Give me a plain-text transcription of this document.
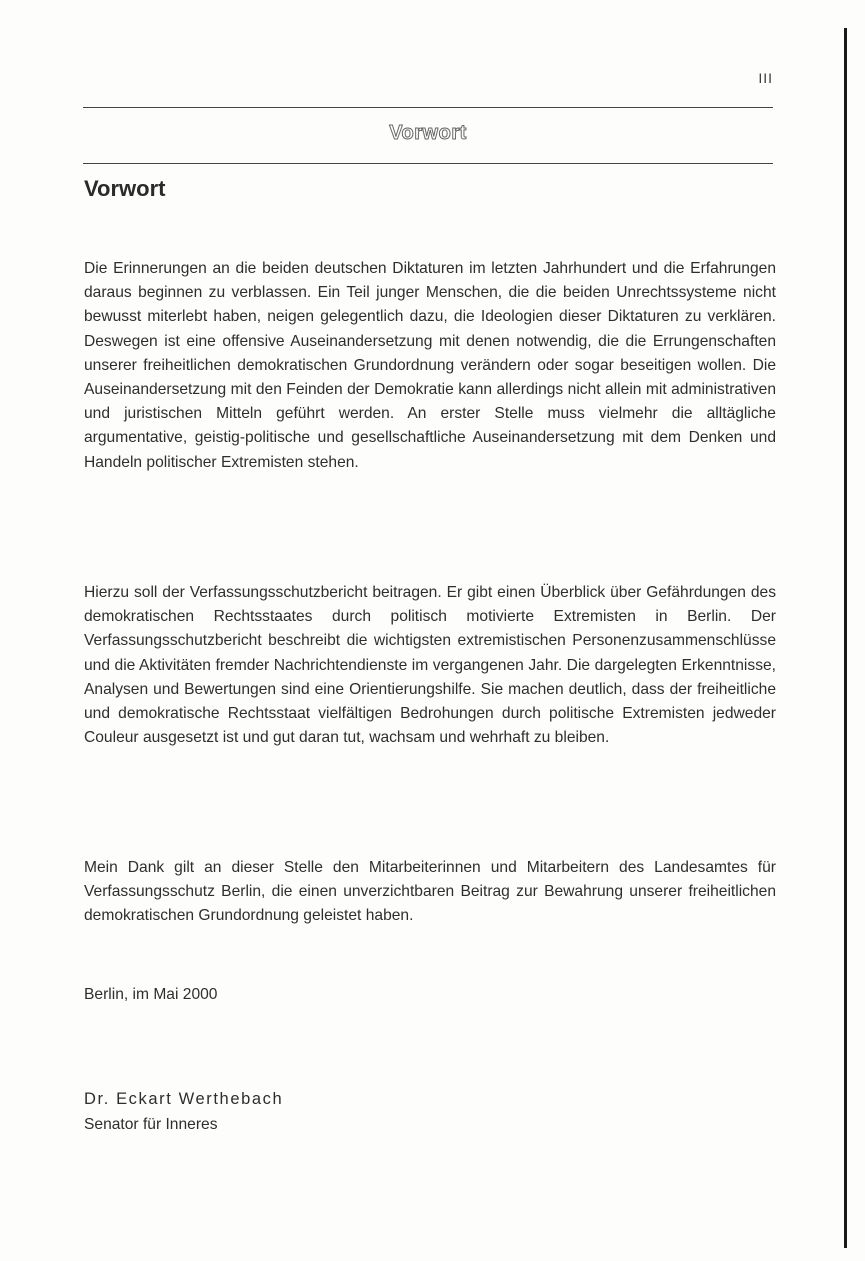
III
Vorwort
Vorwort

Die Erinnerungen an die beiden deutschen Diktaturen im letzten Jahrhundert und die Erfahrungen daraus beginnen zu verblassen. Ein Teil junger Menschen, die die beiden Unrechtssysteme nicht bewusst miterlebt haben, neigen gelegentlich dazu, die Ideologien dieser Diktaturen zu verklären. Deswegen ist eine offensive Auseinandersetzung mit denen notwendig, die die Errungenschaften unserer freiheitlichen demokratischen Grundordnung verändern oder sogar beseitigen wollen. Die Auseinandersetzung mit den Feinden der Demokratie kann allerdings nicht allein mit administrativen und juristischen Mitteln geführt werden. An erster Stelle muss vielmehr die alltägliche argumentative, geistig-politische und gesellschaftliche Auseinandersetzung mit dem Denken und Handeln politischer Extremisten stehen.

Hierzu soll der Verfassungsschutzbericht beitragen. Er gibt einen Überblick über Gefährdungen des demokratischen Rechtsstaates durch politisch motivierte Extremisten in Berlin. Der Verfassungsschutzbericht beschreibt die wichtigsten extremistischen Personenzusammenschlüsse und die Aktivitäten fremder Nachrichtendienste im vergangenen Jahr. Die dargelegten Erkenntnisse, Analysen und Bewertungen sind eine Orientierungshilfe. Sie machen deutlich, dass der freiheitliche und demokratische Rechtsstaat vielfältigen Bedrohungen durch politische Extremisten jedweder Couleur ausgesetzt ist und gut daran tut, wachsam und wehrhaft zu bleiben.

Mein Dank gilt an dieser Stelle den Mitarbeiterinnen und Mitarbeitern des Landesamtes für Verfassungsschutz Berlin, die einen unverzichtbaren Beitrag zur Bewahrung unserer freiheitlichen demokratischen Grundordnung geleistet haben.

Berlin, im Mai 2000

Dr. Eckart Werthebach

Senator für Inneres
